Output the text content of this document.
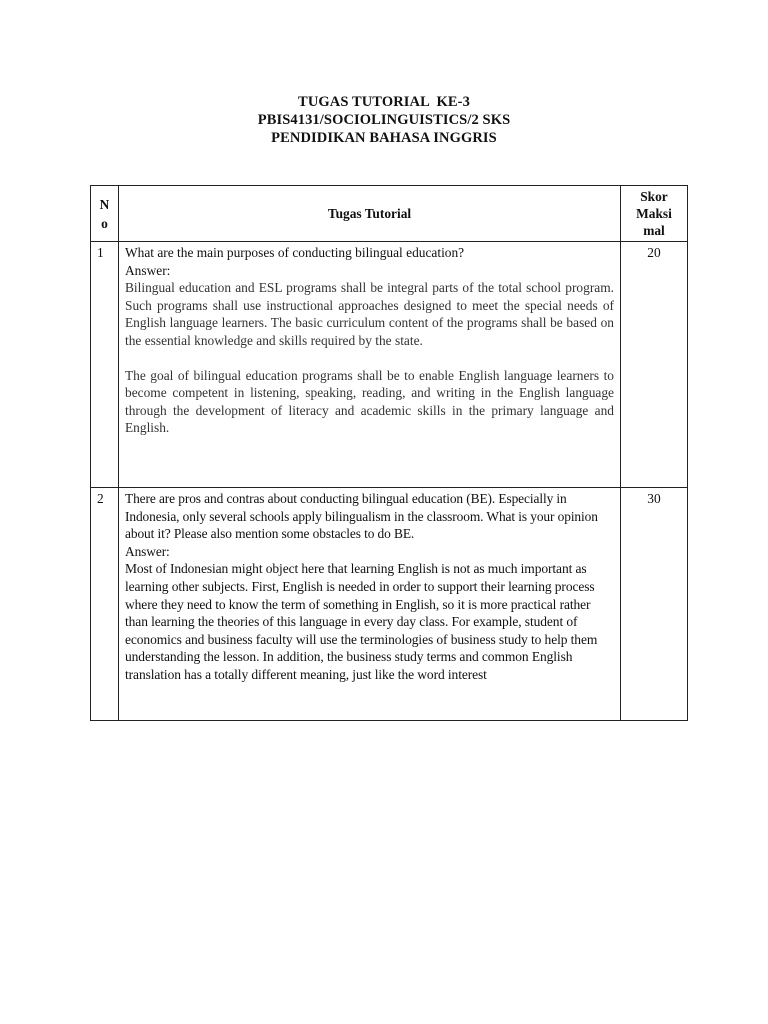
TUGAS TUTORIAL  KE-3
PBIS4131/SOCIOLINGUISTICS/2 SKS
PENDIDIKAN BAHASA INGGRIS
N
o	Tugas Tutorial	Skor
Maksi
mal

1	What are the main purposes of conducting bilingual education?
Answer:
Bilingual education and ESL programs shall be integral parts of the total school program. Such programs shall use instructional approaches designed to meet the special needs of English language learners. The basic curriculum content of the programs shall be based on the essential knowledge and skills required by the state.
The goal of bilingual education programs shall be to enable English language learners to become competent in listening, speaking, reading, and writing in the English language through the development of literacy and academic skills in the primary language and English.	20
2	There are pros and contras about conducting bilingual education (BE). Especially in Indonesia, only several schools apply bilingualism in the classroom. What is your opinion about it? Please also mention some obstacles to do BE.
Answer:
Most of Indonesian might object here that learning English is not as much important as learning other subjects. First, English is needed in order to support their learning process where they need to know the term of something in English, so it is more practical rather than learning the theories of this language in every day class. For example, student of economics and business faculty will use the terminologies of business study to help them understanding the lesson. In addition, the business study terms and common English translation has a totally different meaning, just like the word interest	30
